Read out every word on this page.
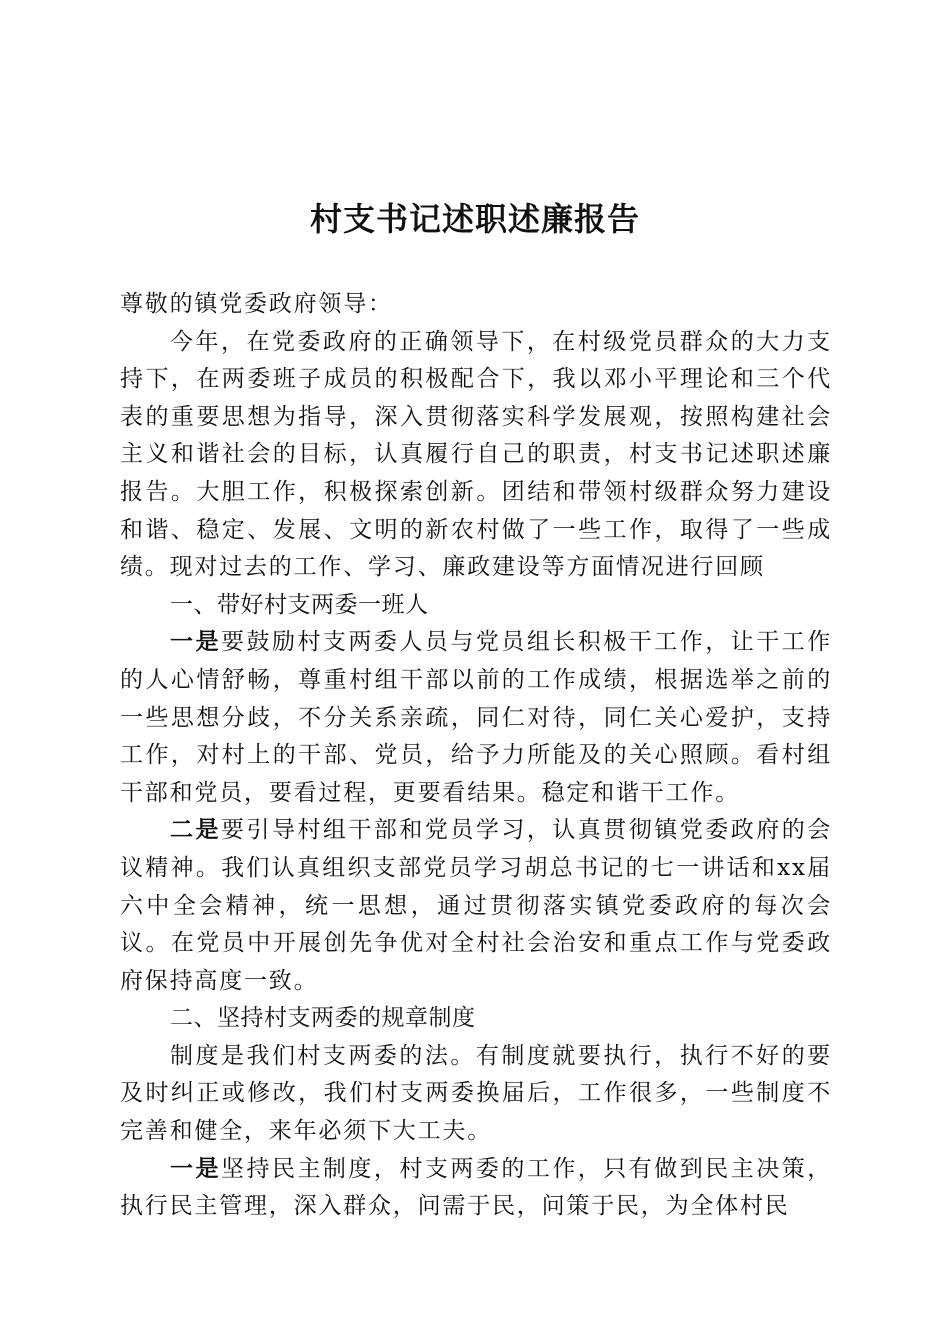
村支书记述职述廉报告

尊敬的镇党委政府领导：

今年，在党委政府的正确领导下，在村级党员群众的大力支持下，在两委班子成员的积极配合下，我以邓小平理论和三个代表的重要思想为指导，深入贯彻落实科学发展观，按照构建社会主义和谐社会的目标，认真履行自己的职责，村支书记述职述廉报告。大胆工作，积极探索创新。团结和带领村级群众努力建设和谐、稳定、发展、文明的新农村做了一些工作，取得了一些成绩。现对过去的工作、学习、廉政建设等方面情况进行回顾

一、带好村支两委一班人

一是要鼓励村支两委人员与党员组长积极干工作，让干工作的人心情舒畅，尊重村组干部以前的工作成绩，根据选举之前的一些思想分歧，不分关系亲疏，同仁对待，同仁关心爱护，支持工作，对村上的干部、党员，给予力所能及的关心照顾。看村组干部和党员，要看过程，更要看结果。稳定和谐干工作。

二是要引导村组干部和党员学习，认真贯彻镇党委政府的会议精神。我们认真组织支部党员学习胡总书记的七一讲话和xx届六中全会精神，统一思想，通过贯彻落实镇党委政府的每次会议。在党员中开展创先争优对全村社会治安和重点工作与党委政府保持高度一致。

二、坚持村支两委的规章制度

制度是我们村支两委的法。有制度就要执行，执行不好的要及时纠正或修改，我们村支两委换届后，工作很多，一些制度不完善和健全，来年必须下大工夫。

一是坚持民主制度，村支两委的工作，只有做到民主决策，执行民主管理，深入群众，问需于民，问策于民，为全体村民
